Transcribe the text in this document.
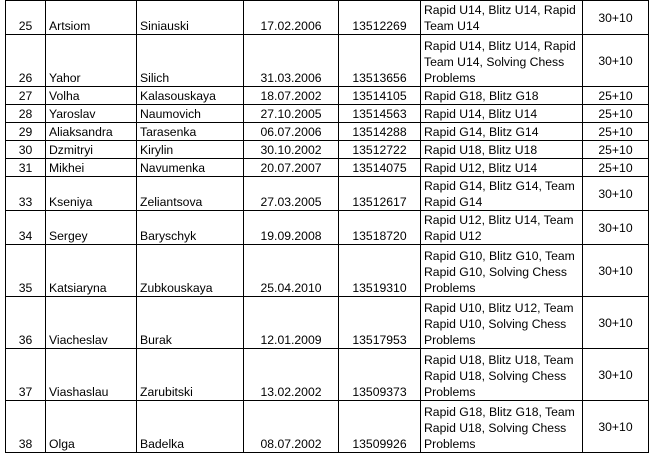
25	Artsiom	Siniauski	17.02.2006	13512269	Rapid U14, Blitz U14, Rapid Team U14	30+10
26	Yahor	Silich	31.03.2006	13513656	Rapid U14, Blitz U14, Rapid Team U14, Solving Chess Problems	30+10
27	Volha	Kalasouskaya	18.07.2002	13514105	Rapid G18, Blitz G18	25+10
28	Yaroslav	Naumovich	27.10.2005	13514563	Rapid U14, Blitz U14	25+10
29	Aliaksandra	Tarasenka	06.07.2006	13514288	Rapid G14, Blitz G14	25+10
30	Dzmitryi	Kirylin	30.10.2002	13512722	Rapid U18, Blitz U18	25+10
31	Mikhei	Navumenka	20.07.2007	13514075	Rapid U12, Blitz U14	25+10
33	Kseniya	Zeliantsova	27.03.2005	13512617	Rapid G14, Blitz G14, Team Rapid G14	30+10
34	Sergey	Baryschyk	19.09.2008	13518720	Rapid U12, Blitz U14, Team Rapid U12	30+10
35	Katsiaryna	Zubkouskaya	25.04.2010	13519310	Rapid G10, Blitz G10, Team Rapid G10, Solving Chess Problems	30+10
36	Viacheslav	Burak	12.01.2009	13517953	Rapid U10, Blitz U12, Team Rapid U10, Solving Chess Problems	30+10
37	Viashaslau	Zarubitski	13.02.2002	13509373	Rapid U18, Blitz U18, Team Rapid U18, Solving Chess Problems	30+10
38	Olga	Badelka	08.07.2002	13509926	Rapid G18, Blitz G18, Team Rapid U18, Solving Chess Problems	30+10
